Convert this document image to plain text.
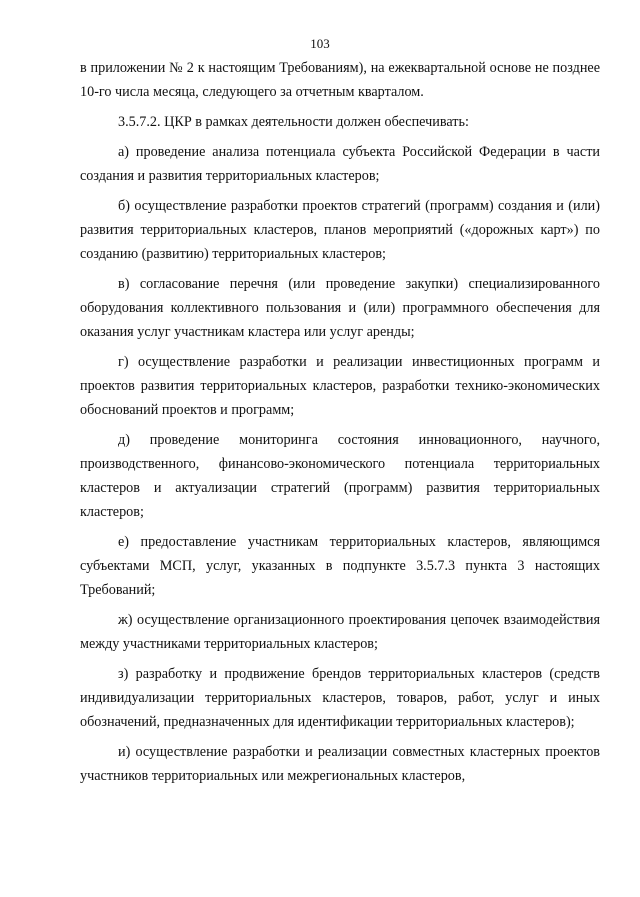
103

в приложении № 2 к настоящим Требованиям), на ежеквартальной основе не позднее 10-го числа месяца, следующего за отчетным кварталом.

3.5.7.2. ЦКР в рамках деятельности должен обеспечивать:

а) проведение анализа потенциала субъекта Российской Федерации в части создания и развития территориальных кластеров;

б) осуществление разработки проектов стратегий (программ) создания и (или) развития территориальных кластеров, планов мероприятий («дорожных карт») по созданию (развитию) территориальных кластеров;

в) согласование перечня (или проведение закупки) специализированного оборудования коллективного пользования и (или) программного обеспечения для оказания услуг участникам кластера или услуг аренды;

г) осуществление разработки и реализации инвестиционных программ и проектов развития территориальных кластеров, разработки технико-экономических обоснований проектов и программ;

д) проведение мониторинга состояния инновационного, научного, производственного, финансово-экономического потенциала территориальных кластеров и актуализации стратегий (программ) развития территориальных кластеров;

е) предоставление участникам территориальных кластеров, являющимся субъектами МСП, услуг, указанных в подпункте 3.5.7.3 пункта 3 настоящих Требований;

ж) осуществление организационного проектирования цепочек взаимодействия между участниками территориальных кластеров;

з) разработку и продвижение брендов территориальных кластеров (средств индивидуализации территориальных кластеров, товаров, работ, услуг и иных обозначений, предназначенных для идентификации территориальных кластеров);

и) осуществление разработки и реализации совместных кластерных проектов участников территориальных или межрегиональных кластеров,
